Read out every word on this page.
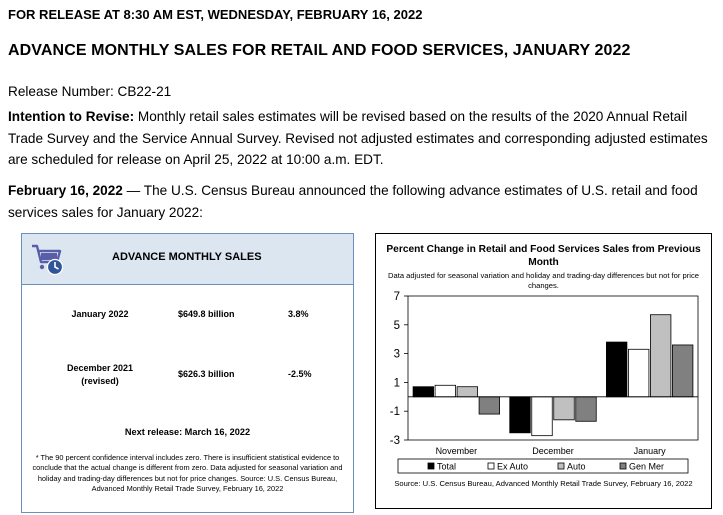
FOR RELEASE AT 8:30 AM EST, WEDNESDAY, FEBRUARY 16, 2022
ADVANCE MONTHLY SALES FOR RETAIL AND FOOD SERVICES, JANUARY 2022
Release Number: CB22-21
Intention to Revise: Monthly retail sales estimates will be revised based on the results of the 2020 Annual Retail Trade Survey and the Service Annual Survey. Revised not adjusted estimates and corresponding adjusted estimates are scheduled for release on April 25, 2022 at 10:00 a.m. EDT.
February 16, 2022 — The U.S. Census Bureau announced the following advance estimates of U.S. retail and food services sales for January 2022:
ADVANCE MONTHLY SALES
January 2022	$649.8 billion	3.8%
December 2021
(revised)
$626.3 billion	-2.5%
Next release: March 16, 2022
* The 90 percent confidence interval includes zero. There is insufficient statistical evidence to conclude that the actual change is different from zero. Data adjusted for seasonal variation and holiday and trading-day differences but not for price changes. Source: U.S. Census Bureau, Advanced Monthly Retail Trade Survey, February 16, 2022
Percent Change in Retail and Food Services Sales from Previous Month
Data adjusted for seasonal variation and holiday and trading-day differences but not for price changes.
7
5
3
1
-1
-3
November	December	January
Total	Ex Auto	Auto	Gen Mer
Source: U.S. Census Bureau, Advanced Monthly Retail Trade Survey, February 16, 2022
